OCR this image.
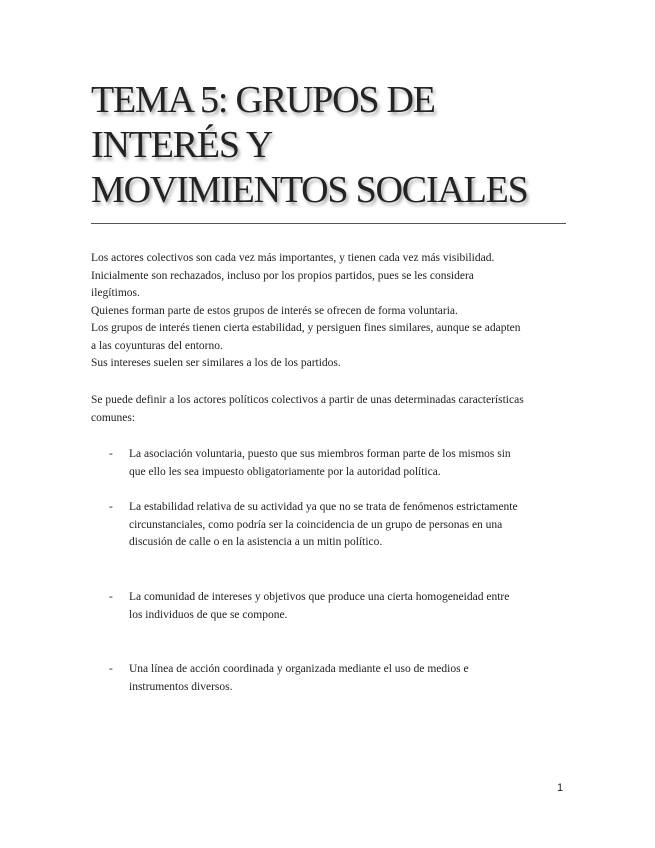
TEMA 5: GRUPOS DE
INTERÉS Y
MOVIMIENTOS SOCIALES
Los actores colectivos son cada vez más importantes, y tienen cada vez más visibilidad.
Inicialmente son rechazados, incluso por los propios partidos, pues se les considera
ilegítimos.
Quienes forman parte de estos grupos de interés se ofrecen de forma voluntaria.
Los grupos de interés tienen cierta estabilidad, y persiguen fines similares, aunque se adapten
a las coyunturas del entorno.
Sus intereses suelen ser similares a los de los partidos.
Se puede definir a los actores políticos colectivos a partir de unas determinadas características
comunes:
-	La asociación voluntaria, puesto que sus miembros forman parte de los mismos sin
que ello les sea impuesto obligatoriamente por la autoridad política.
-	La estabilidad relativa de su actividad ya que no se trata de fenómenos estrictamente
circunstanciales, como podría ser la coincidencia de un grupo de personas en una
discusión de calle o en la asistencia a un mitin político.
-	La comunidad de intereses y objetivos que produce una cierta homogeneidad entre
los individuos de que se compone.
-	Una línea de acción coordinada y organizada mediante el uso de medios e
instrumentos diversos.
1
